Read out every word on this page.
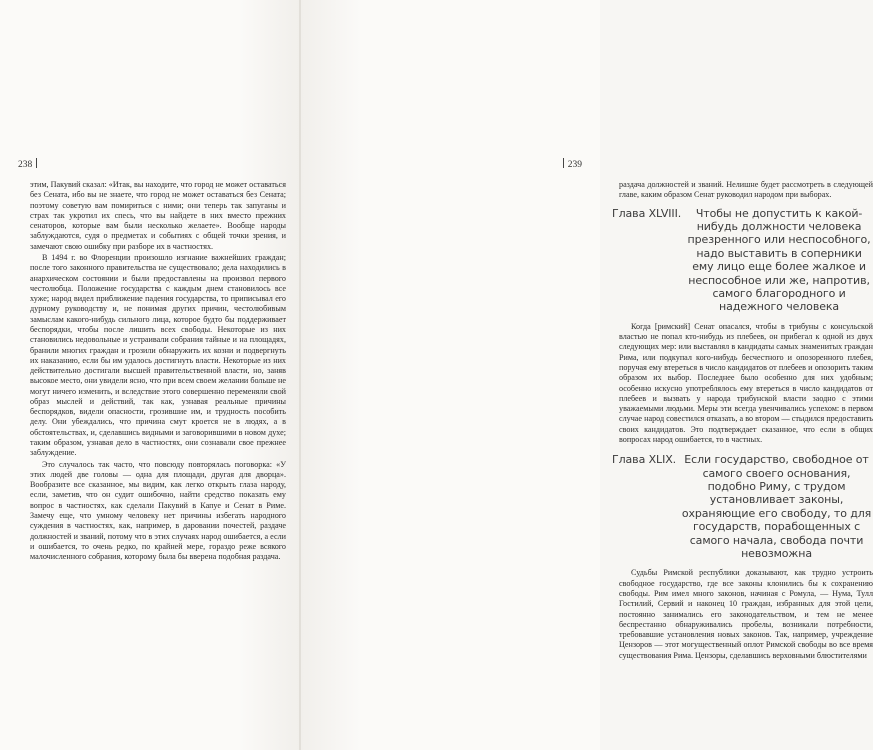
238

этим, Пакувий сказал: «Итак, вы находите, что город не может оставаться без Сената, ибо вы не знаете, что город не может оставаться без Сената; поэтому советую вам помириться с ними; они теперь так запуганы и страх так укротил их спесь, что вы найдете в них вместо прежних сенаторов, которые вам были несколько желаете». Вообще народы заблуждаются, судя о предметах и событиях с общей точки зрения, и замечают свою ошибку при разборе их в частностях.

В 1494 г. во Флоренции произошло изгнание важнейших граждан; после того законного правительства не существовало; дела находились в анархическом состоянии и были предоставлены на произвол первого честолюбца. Положение государства с каждым днем становилось все хуже; народ видел приближение падения государства, то приписывал его дурному руководству и, не понимая других причин, честолюбивым замыслам какого-нибудь сильного лица, которое будто бы поддерживает беспорядки, чтобы после лишить всех свободы. Некоторые из них становились недовольные и устраивали собрания тайные и на площадях, бранили многих граждан и грозили обнаружить их козни и подвергнуть их наказанию, если бы им удалось достигнуть власти. Некоторые из них действительно достигали высшей правительственной власти, но, заняв высокое место, они увидели ясно, что при всем своем желании больше не могут ничего изменить, и вследствие этого совершенно переменяли свой образ мыслей и действий, так как, узнавая реальные причины беспорядков, видели опасности, грозившие им, и трудность пособить делу. Они убеждались, что причина смут кроется не в людях, а в обстоятельствах, и, сделавшись видными и заговорившими в новом духе; таким образом, узнавая дело в частностях, они сознавали свое прежнее заблуждение.

Это случалось так часто, что повсюду повторялась поговорка: «У этих людей две головы — одна для площади, другая для дворца». Вообразите все сказанное, мы видим, как легко открыть глаза народу, если, заметив, что он судит ошибочно, найти средство показать ему вопрос в частностях, как сделали Пакувий в Капуе и Сенат в Риме. Замечу еще, что умному человеку нет причины избегать народного суждения в частностях, как, например, в даровании почестей, раздаче должностей и званий, потому что в этих случаях народ ошибается, а если и ошибается, то очень редко, по крайней мере, гораздо реже всякого малочисленного собрания, которому была бы вверена подобная раздача.

239

раздача должностей и званий. Нелишне будет рассмотреть в следующей главе, каким образом Сенат руководил народом при выборах.

Глава XLVIII.	Чтобы не допустить к какой-нибудь должности человека презренного или неспособного, надо выставить в соперники ему лицо еще более жалкое и неспособное или же, напротив, самого благородного и надежного человека

Когда [римский] Сенат опасался, чтобы в трибуны с консульской властью не попал кто-нибудь из плебеев, он прибегал к одной из двух следующих мер: или выставлял в кандидаты самых знаменитых граждан Рима, или подкупал кого-нибудь бесчестного и опозоренного плебея, поручая ему втереться в число кандидатов от плебеев и опозорить таким образом их выбор. Последнее было особенно для них удобным; особенно искусно употреблялось ему втереться в число кандидатов от плебеев и вызвать у народа трибунской власти заодно с этими уважаемыми людьми. Меры эти всегда увенчивались успехом: в первом случае народ совестился отказать, а во втором — стыдился предоставить своих кандидатов. Это подтверждает сказанное, что если в общих вопросах народ ошибается, то в частных.

Глава XLIX. Если государство, свободное от самого своего основания, подобно Риму, с трудом установливает законы, охраняющие его свободу, то для государств, порабощенных с самого начала, свобода почти невозможна

Судьбы Римской республики доказывают, как трудно устроить свободное государство, где все законы клонились бы к сохранению свободы. Рим имел много законов, начиная с Ромула, — Нума, Тулл Гостилий, Сервий и наконец 10 граждан, избранных для этой цели, постоянно занимались его законодательством, и тем не менее беспрестанно обнаруживались пробелы, возникали потребности, требовавшие установления новых законов. Так, например, учреждение Цензоров — этот могущественный оплот Римской свободы во все время существования Рима. Цензоры, сделавшись верховными блюстителями
